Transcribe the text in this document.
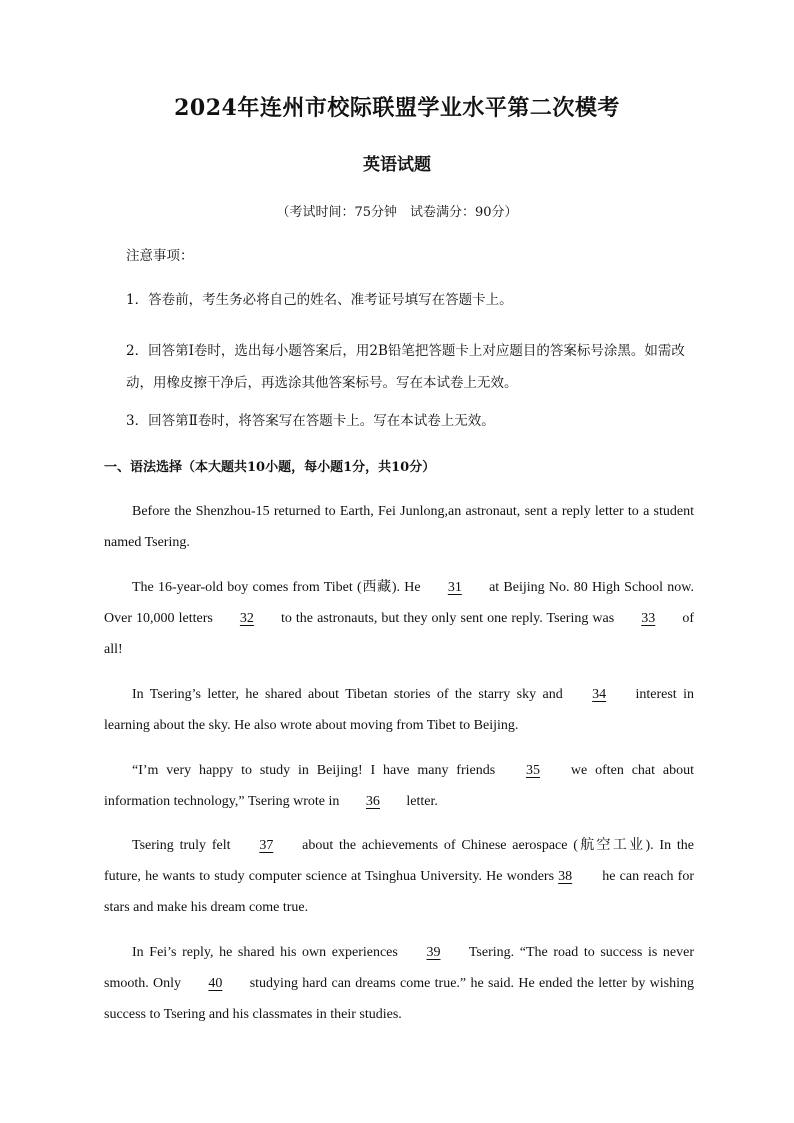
2024年连州市校际联盟学业水平第二次模考
英语试题
（考试时间：75分钟　试卷满分：90分）
注意事项：
1．答卷前，考生务必将自己的姓名、准考证号填写在答题卡上。
2．回答第Ⅰ卷时，选出每小题答案后，用2B铅笔把答题卡上对应题目的答案标号涂黑。如需改动，用橡皮擦干净后，再选涂其他答案标号。写在本试卷上无效。
3．回答第Ⅱ卷时，将答案写在答题卡上。写在本试卷上无效。
一、语法选择（本大题共10小题，每小题1分，共10分）
Before the Shenzhou-15 returned to Earth, Fei Junlong,an astronaut, sent a reply letter to a student named Tsering.
The 16-year-old boy comes from Tibet (西藏). He 31 at Beijing No. 80 High School now. Over 10,000 letters 32 to the astronauts, but they only sent one reply. Tsering was 33 of all!
In Tsering’s letter, he shared about Tibetan stories of the starry sky and 34 interest in learning about the sky. He also wrote about moving from Tibet to Beijing.
“I’m very happy to study in Beijing! I have many friends 35 we often chat about information technology,” Tsering wrote in 36 letter.
Tsering truly felt 37 about the achievements of Chinese aerospace (航空工业). In the future, he wants to study computer science at Tsinghua University. He wonders 38 he can reach for stars and make his dream come true.
In Fei’s reply, he shared his own experiences 39 Tsering. “The road to success is never smooth. Only 40 studying hard can dreams come true.” he said. He ended the letter by wishing success to Tsering and his classmates in their studies.
